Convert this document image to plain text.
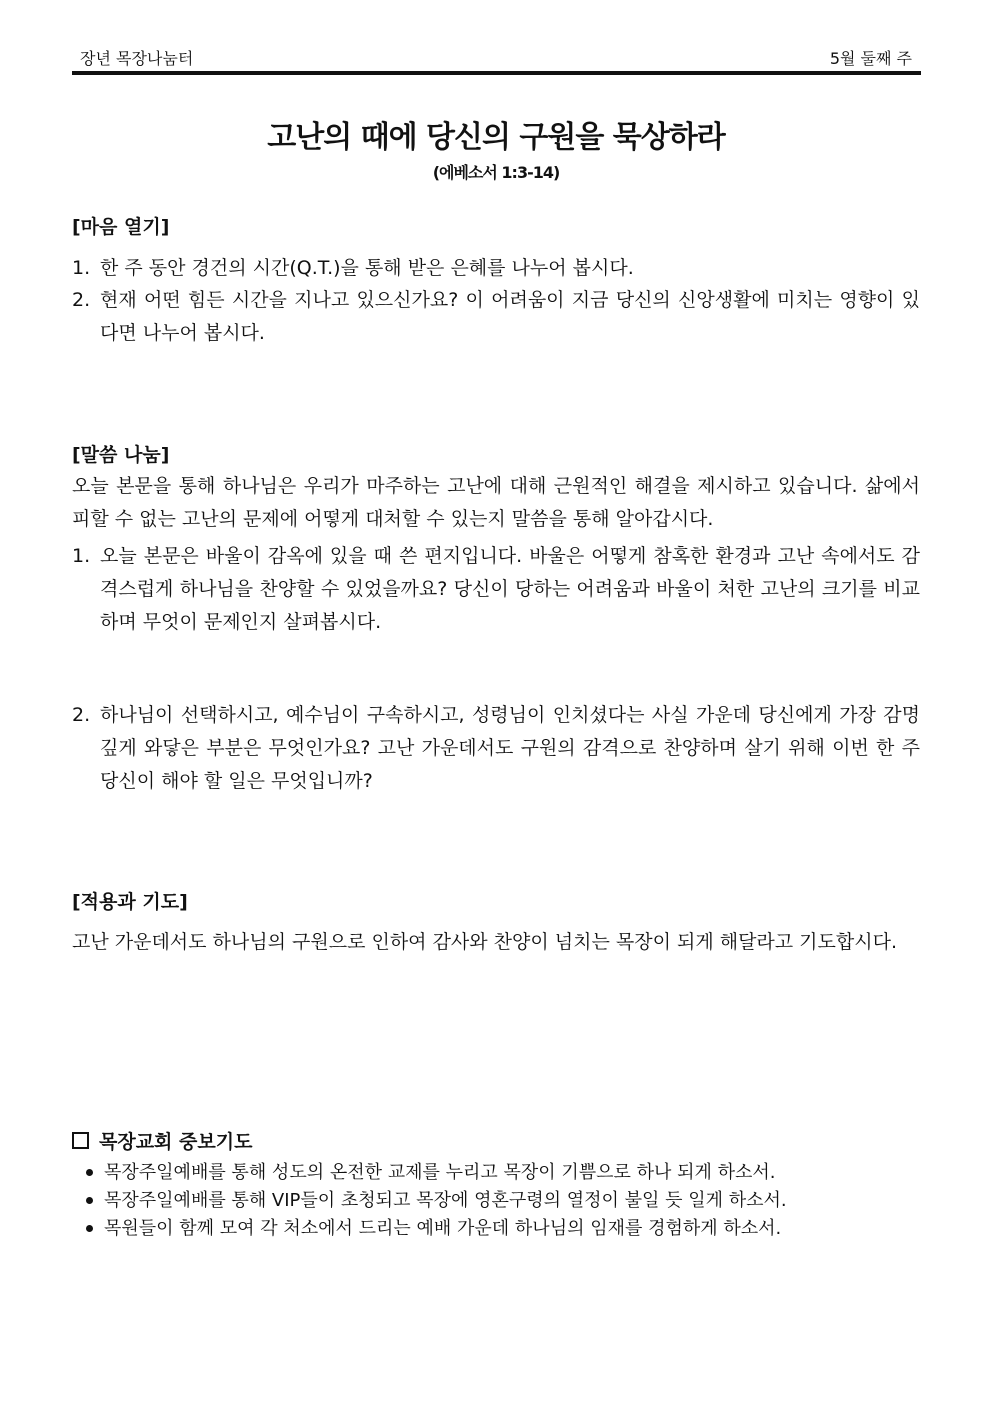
장년 목장나눔터	5월 둘째 주
고난의 때에 당신의 구원을 묵상하라
(에베소서 1:3-14)
[마음 열기]
1. 한 주 동안 경건의 시간(Q.T.)을 통해 받은 은혜를 나누어 봅시다.
2. 현재 어떤 힘든 시간을 지나고 있으신가요? 이 어려움이 지금 당신의 신앙생활에 미치는 영향이 있다면 나누어 봅시다.
[말씀 나눔]
오늘 본문을 통해 하나님은 우리가 마주하는 고난에 대해 근원적인 해결을 제시하고 있습니다. 삶에서 피할 수 없는 고난의 문제에 어떻게 대처할 수 있는지 말씀을 통해 알아갑시다.
1. 오늘 본문은 바울이 감옥에 있을 때 쓴 편지입니다. 바울은 어떻게 참혹한 환경과 고난 속에서도 감격스럽게 하나님을 찬양할 수 있었을까요? 당신이 당하는 어려움과 바울이 처한 고난의 크기를 비교하며 무엇이 문제인지 살펴봅시다.
2. 하나님이 선택하시고, 예수님이 구속하시고, 성령님이 인치셨다는 사실 가운데 당신에게 가장 감명 깊게 와닿은 부분은 무엇인가요? 고난 가운데서도 구원의 감격으로 찬양하며 살기 위해 이번 한 주 당신이 해야 할 일은 무엇입니까?
[적용과 기도]
고난 가운데서도 하나님의 구원으로 인하여 감사와 찬양이 넘치는 목장이 되게 해달라고 기도합시다.
목장교회 중보기도
목장주일예배를 통해 성도의 온전한 교제를 누리고 목장이 기쁨으로 하나 되게 하소서.
목장주일예배를 통해 VIP들이 초청되고 목장에 영혼구령의 열정이 불일 듯 일게 하소서.
목원들이 함께 모여 각 처소에서 드리는 예배 가운데 하나님의 임재를 경험하게 하소서.
